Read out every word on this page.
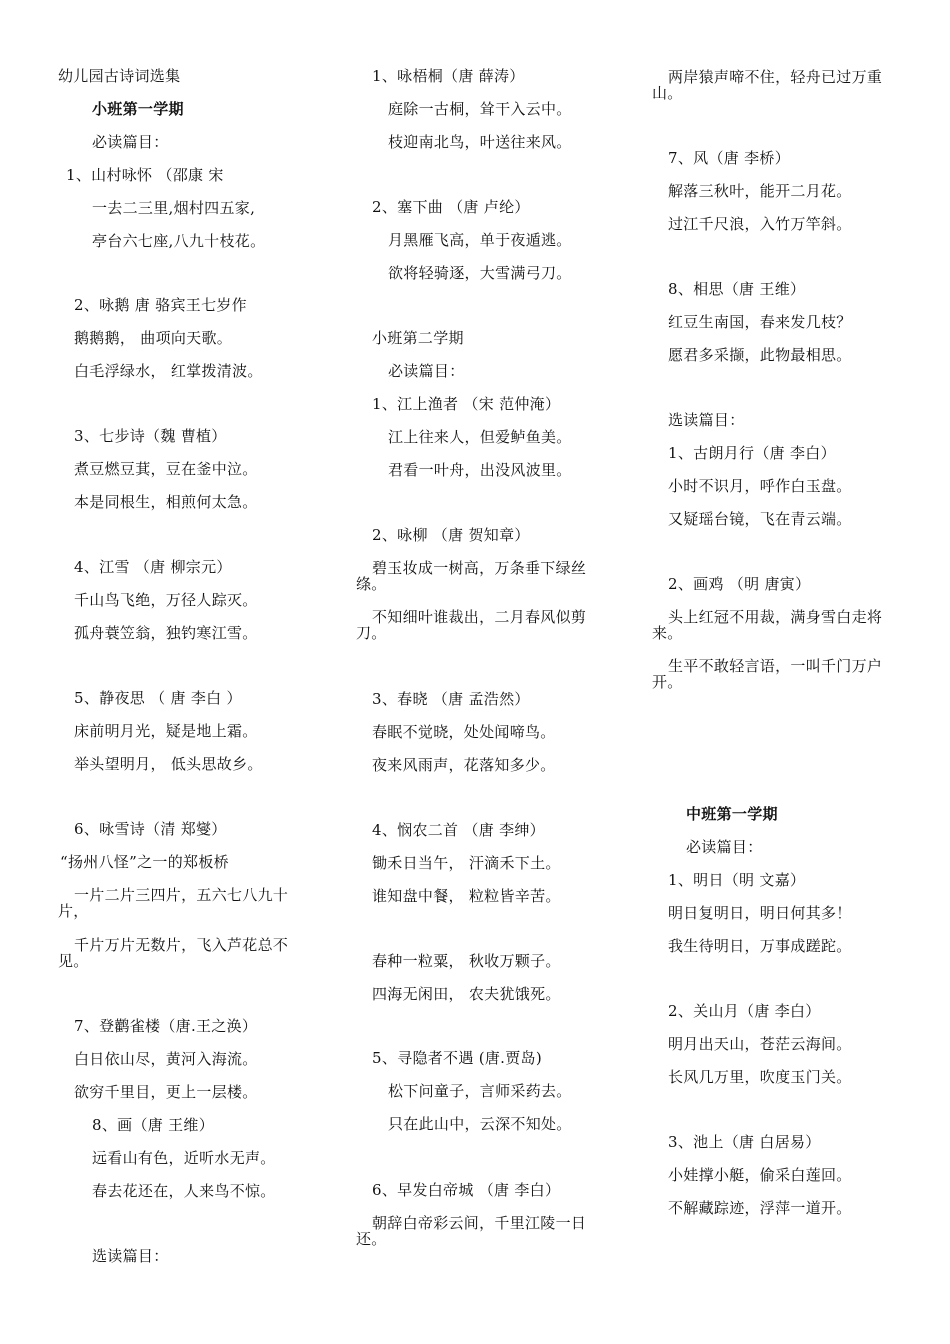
幼儿园古诗词选集
小班第一学期
必读篇目：
1、山村咏怀 （邵康 宋
一去二三里,烟村四五家,
亭台六七座,八九十枝花。
2、咏鹅 唐 骆宾王七岁作
鹅鹅鹅， 曲项向天歌。
白毛浮绿水， 红掌拨清波。
3、七步诗（魏 曹植）
煮豆燃豆萁，豆在釜中泣。
本是同根生，相煎何太急。
4、江雪 （唐 柳宗元）
千山鸟飞绝，万径人踪灭。
孤舟蓑笠翁，独钓寒江雪。
5、静夜思 （ 唐 李白 ）
床前明月光，疑是地上霜。
举头望明月， 低头思故乡。
6、咏雪诗（清 郑燮）
“扬州八怪”之一的郑板桥
一片二片三四片，五六七八九十片，
千片万片无数片，飞入芦花总不见。
7、登鹳雀楼（唐.王之涣）
白日依山尽，黄河入海流。
欲穷千里目，更上一层楼。
8、画（唐 王维）
远看山有色，近听水无声。
春去花还在，人来鸟不惊。
选读篇目：
1、咏梧桐（唐 薛涛）
庭除一古桐，耸干入云中。
枝迎南北鸟，叶送往来风。
2、塞下曲 （唐 卢纶）
月黑雁飞高，单于夜遁逃。
欲将轻骑逐，大雪满弓刀。
小班第二学期
必读篇目：
1、江上渔者 （宋 范仲淹）
江上往来人，但爱鲈鱼美。
君看一叶舟，出没风波里。
2、咏柳 （唐 贺知章）
碧玉妆成一树高，万条垂下绿丝绦。
不知细叶谁裁出，二月春风似剪刀。
3、春晓 （唐 孟浩然）
春眠不觉晓，处处闻啼鸟。
夜来风雨声，花落知多少。
4、悯农二首 （唐 李绅）
锄禾日当午， 汗滴禾下土。
谁知盘中餐， 粒粒皆辛苦。
春种一粒粟， 秋收万颗子。
四海无闲田， 农夫犹饿死。
5、寻隐者不遇 (唐.贾岛)
松下问童子，言师采药去。
只在此山中，云深不知处。
6、早发白帝城 （唐 李白）
朝辞白帝彩云间，千里江陵一日还。
两岸猿声啼不住，轻舟已过万重山。
7、风（唐 李桥）
解落三秋叶，能开二月花。
过江千尺浪，入竹万竿斜。
8、相思（唐 王维）
红豆生南国，春来发几枝？
愿君多采撷，此物最相思。
选读篇目：
1、古朗月行（唐 李白）
小时不识月，呼作白玉盘。
又疑瑶台镜，飞在青云端。
2、画鸡 （明 唐寅）
头上红冠不用裁，满身雪白走将来。
生平不敢轻言语，一叫千门万户开。
中班第一学期
必读篇目：
1、明日（明 文嘉）
明日复明日，明日何其多！
我生待明日，万事成蹉跎。
2、关山月（唐 李白）
明月出天山，苍茫云海间。
长风几万里，吹度玉门关。
3、池上（唐 白居易）
小娃撑小艇，偷采白莲回。
不解藏踪迹，浮萍一道开。
